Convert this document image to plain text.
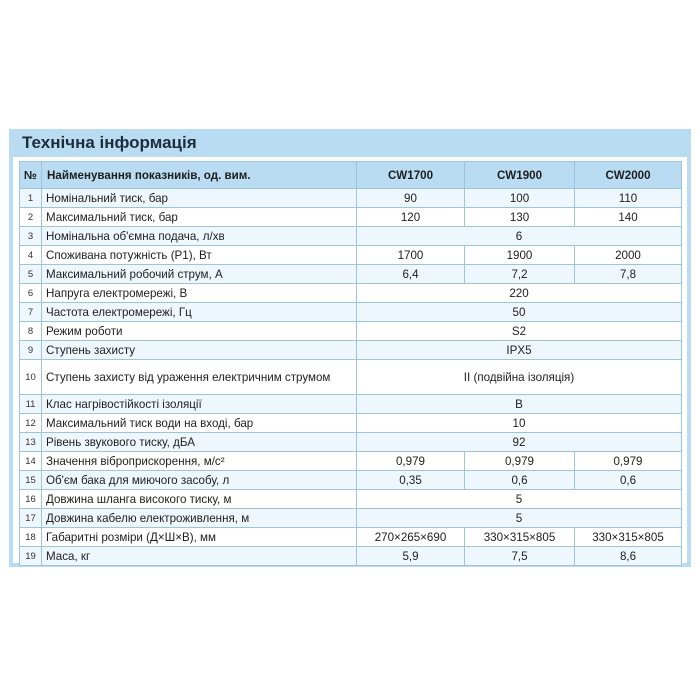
Технічна інформація
№	Найменування показників, од. вим.	CW1700	CW1900	CW2000
1	Номінальний тиск, бар	90	100	110
2	Максимальний тиск, бар	120	130	140
3	Номінальна об'ємна подача, л/хв	6		
4	Споживана потужність (P1), Вт	1700	1900	2000
5	Максимальний робочий струм, А	6,4	7,2	7,8
6	Напруга електромережі, В	220		
7	Частота електромережі, Гц	50		
8	Режим роботи	S2		
9	Ступень захисту	IPX5		
10	Ступень захисту від ураження електричним струмом	II (подвійна ізоляція)		
11	Клас нагрівостійкості ізоляції	B		
12	Максимальний тиск води на вході, бар	10		
13	Рівень звукового тиску, дБА	92		
14	Значення віброприскорення, м/с²	0,979	0,979	0,979
15	Об'єм бака для миючого засобу, л	0,35	0,6	0,6
16	Довжина шланга високого тиску, м	5		
17	Довжина кабелю електроживлення, м	5		
18	Габаритні розміри (Д×Ш×В), мм	270×265×690	330×315×805	330×315×805
19	Маса, кг	5,9	7,5	8,6
